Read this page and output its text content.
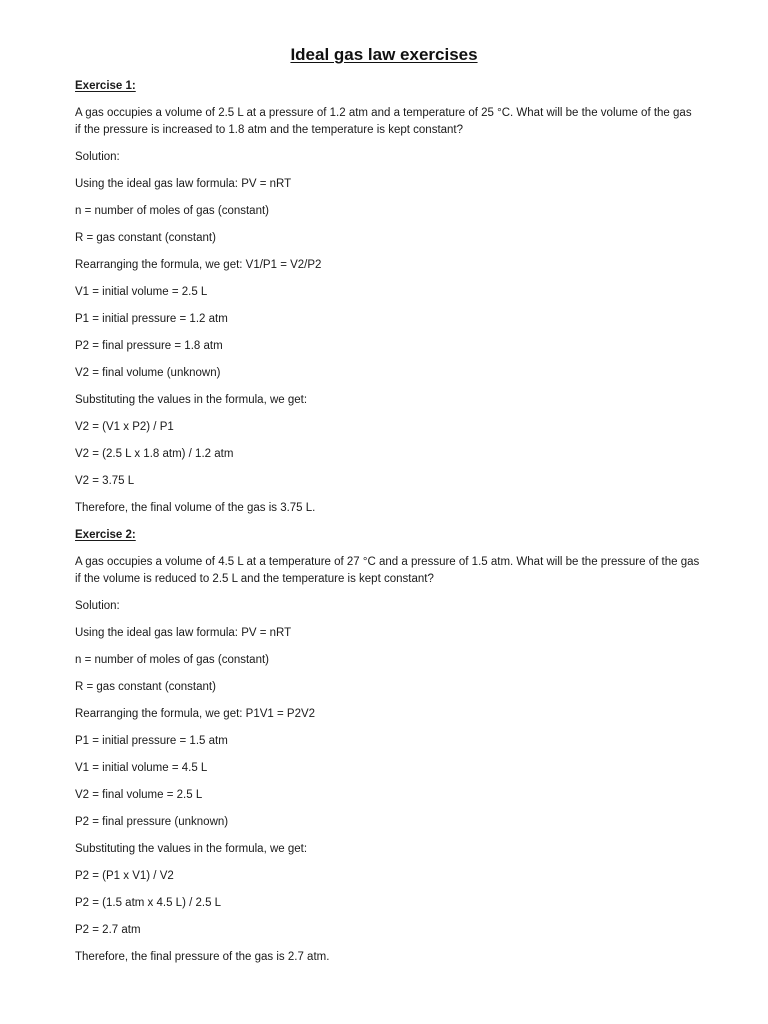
Ideal gas law exercises
Exercise 1:
A gas occupies a volume of 2.5 L at a pressure of 1.2 atm and a temperature of 25 °C. What will be the volume of the gas if the pressure is increased to 1.8 atm and the temperature is kept constant?
Solution:
Using the ideal gas law formula: PV = nRT
n = number of moles of gas (constant)
R = gas constant (constant)
Rearranging the formula, we get: V1/P1 = V2/P2
V1 = initial volume = 2.5 L
P1 = initial pressure = 1.2 atm
P2 = final pressure = 1.8 atm
V2 = final volume (unknown)
Substituting the values in the formula, we get:
V2 = (V1 x P2) / P1
V2 = (2.5 L x 1.8 atm) / 1.2 atm
V2 = 3.75 L
Therefore, the final volume of the gas is 3.75 L.
Exercise 2:
A gas occupies a volume of 4.5 L at a temperature of 27 °C and a pressure of 1.5 atm. What will be the pressure of the gas if the volume is reduced to 2.5 L and the temperature is kept constant?
Solution:
Using the ideal gas law formula: PV = nRT
n = number of moles of gas (constant)
R = gas constant (constant)
Rearranging the formula, we get: P1V1 = P2V2
P1 = initial pressure = 1.5 atm
V1 = initial volume = 4.5 L
V2 = final volume = 2.5 L
P2 = final pressure (unknown)
Substituting the values in the formula, we get:
P2 = (P1 x V1) / V2
P2 = (1.5 atm x 4.5 L) / 2.5 L
P2 = 2.7 atm
Therefore, the final pressure of the gas is 2.7 atm.
